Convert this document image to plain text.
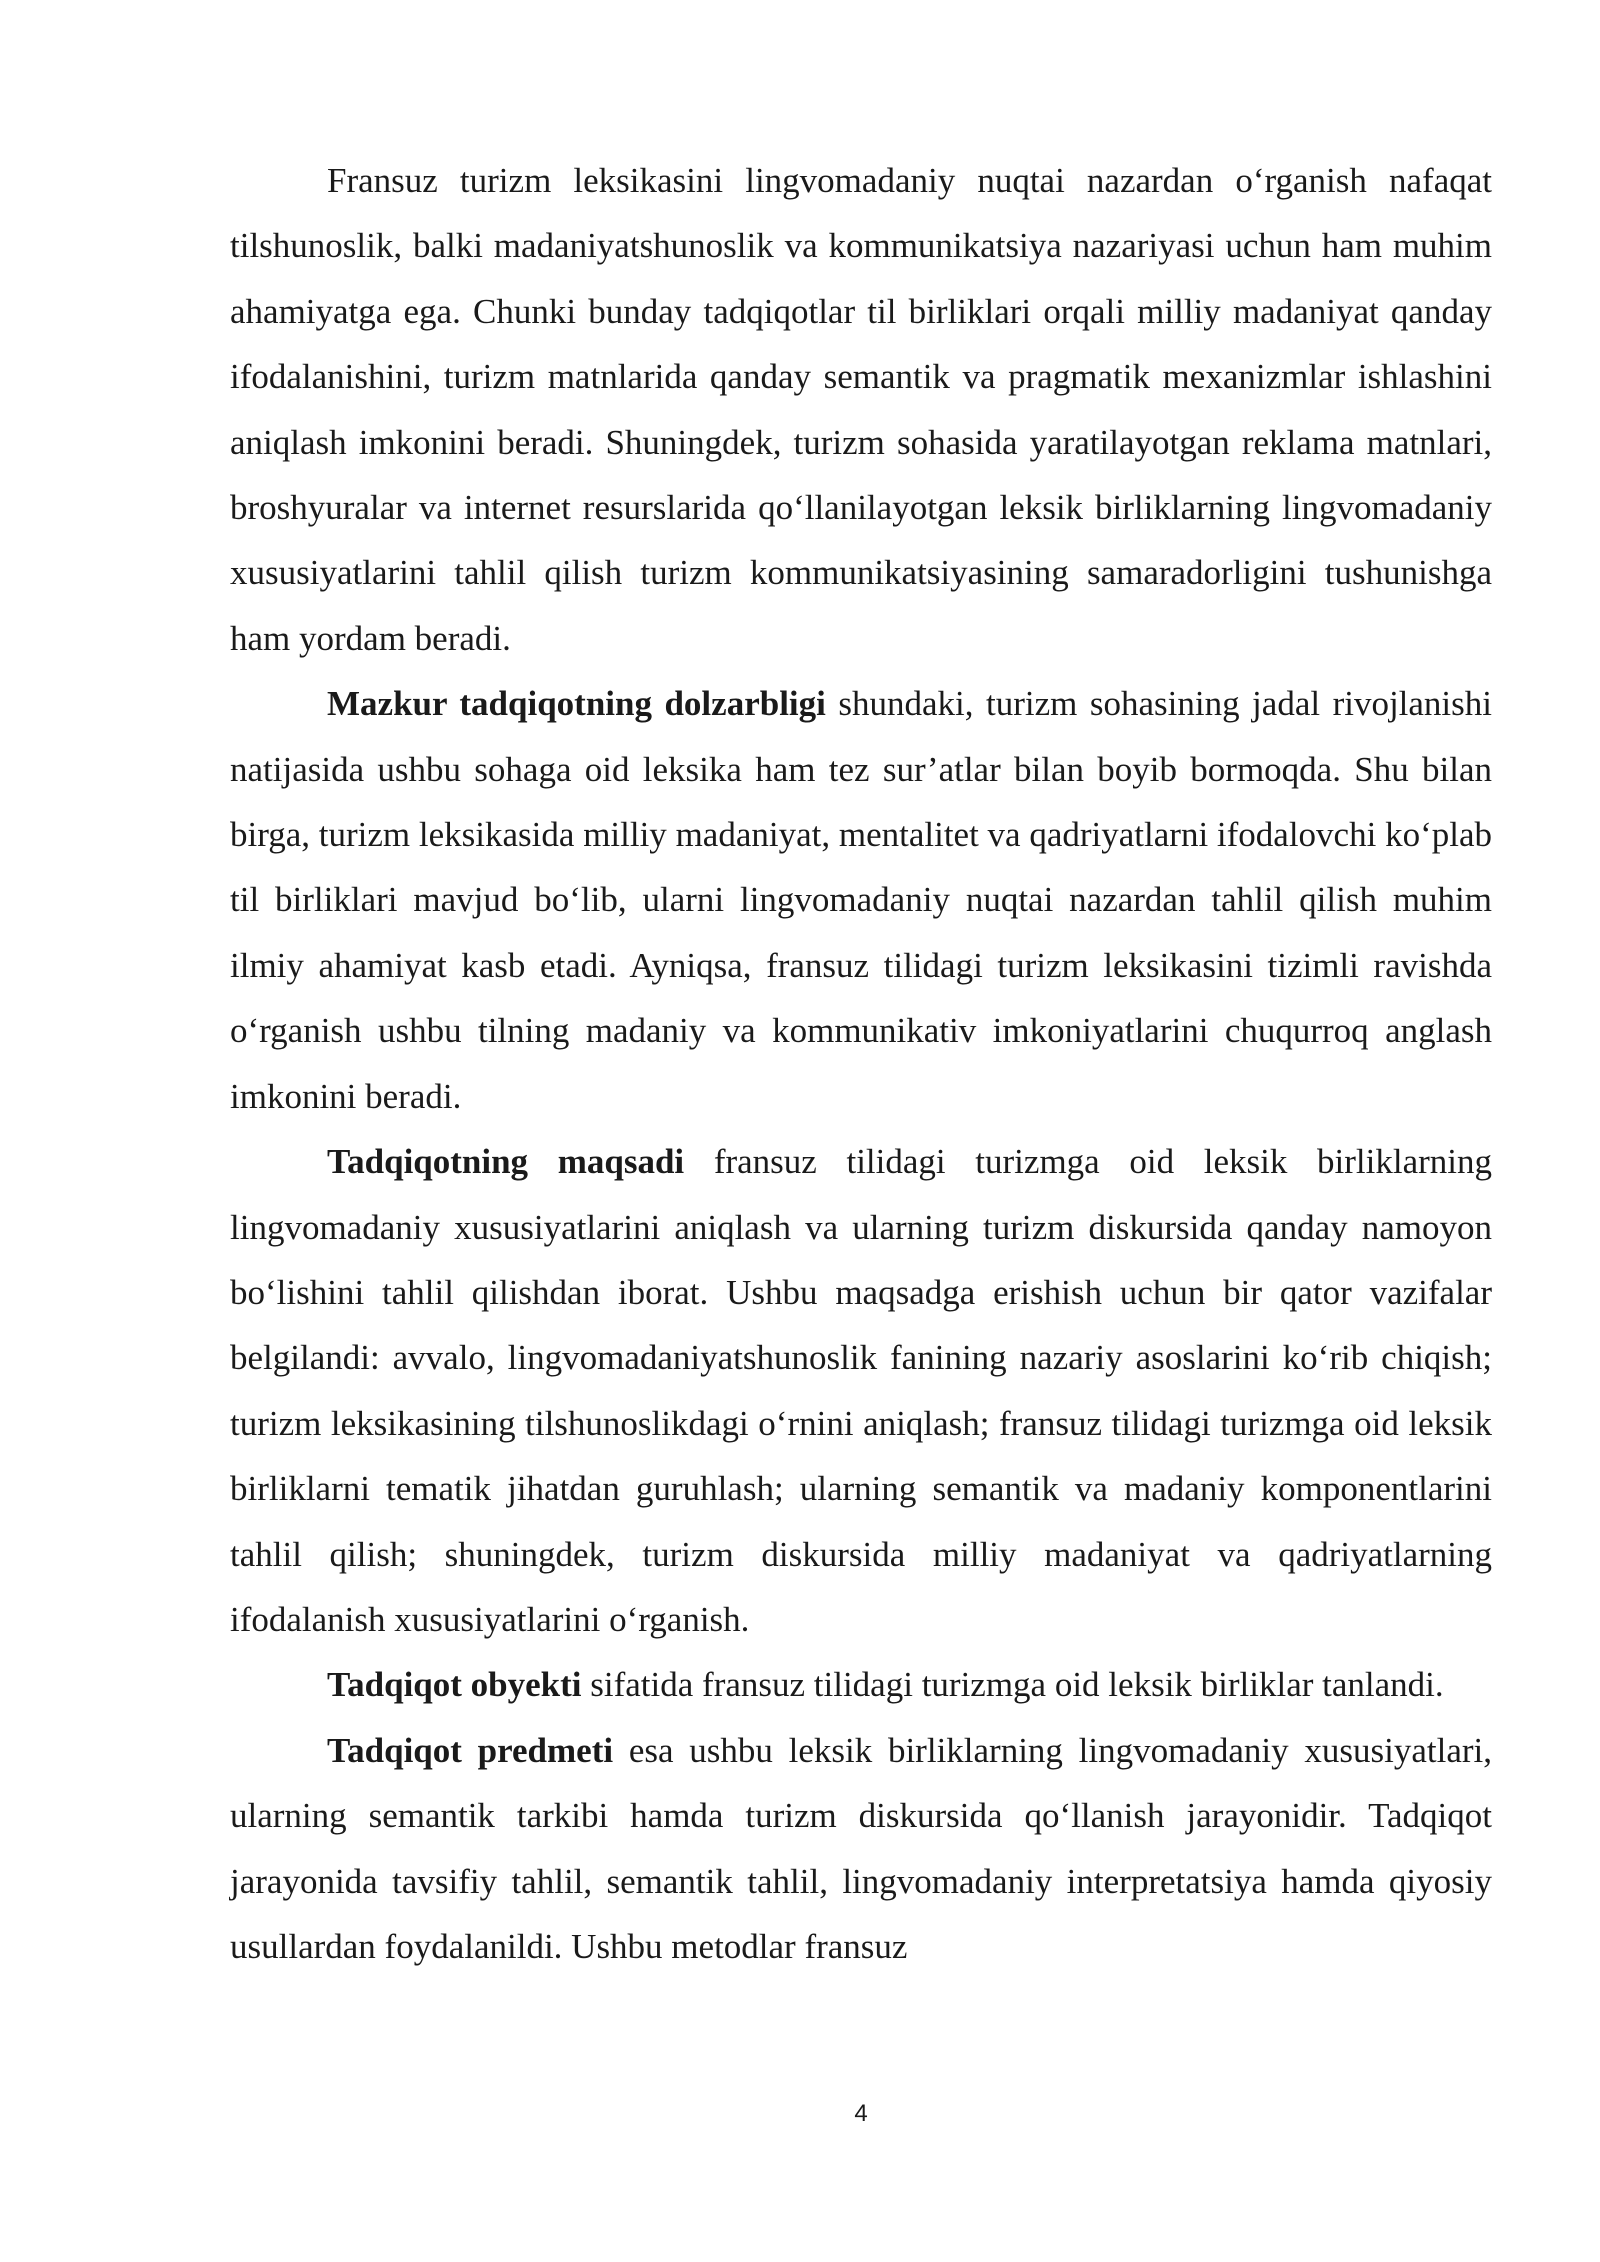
Fransuz turizm leksikasini lingvomadaniy nuqtai nazardan o‘rganish nafaqat tilshunoslik, balki madaniyatshunoslik va kommunikatsiya nazariyasi uchun ham muhim ahamiyatga ega. Chunki bunday tadqiqotlar til birliklari orqali milliy madaniyat qanday ifodalanishini, turizm matnlarida qanday semantik va pragmatik mexanizmlar ishlashini aniqlash imkonini beradi. Shuningdek, turizm sohasida yaratilayotgan reklama matnlari, broshyuralar va internet resurslarida qo‘llanilayotgan leksik birliklarning lingvomadaniy xususiyatlarini tahlil qilish turizm kommunikatsiyasining samaradorligini tushunishga ham yordam beradi.

Mazkur tadqiqotning dolzarbligi shundaki, turizm sohasining jadal rivojlanishi natijasida ushbu sohaga oid leksika ham tez sur’atlar bilan boyib bormoqda. Shu bilan birga, turizm leksikasida milliy madaniyat, mentalitet va qadriyatlarni ifodalovchi ko‘plab til birliklari mavjud bo‘lib, ularni lingvomadaniy nuqtai nazardan tahlil qilish muhim ilmiy ahamiyat kasb etadi. Ayniqsa, fransuz tilidagi turizm leksikasini tizimli ravishda o‘rganish ushbu tilning madaniy va kommunikativ imkoniyatlarini chuqurroq anglash imkonini beradi.

Tadqiqotning maqsadi fransuz tilidagi turizmga oid leksik birliklarning lingvomadaniy xususiyatlarini aniqlash va ularning turizm diskursida qanday namoyon bo‘lishini tahlil qilishdan iborat. Ushbu maqsadga erishish uchun bir qator vazifalar belgilandi: avvalo, lingvomadaniyatshunoslik fanining nazariy asoslarini ko‘rib chiqish; turizm leksikasining tilshunoslikdagi o‘rnini aniqlash; fransuz tilidagi turizmga oid leksik birliklarni tematik jihatdan guruhlash; ularning semantik va madaniy komponentlarini tahlil qilish; shuningdek, turizm diskursida milliy madaniyat va qadriyatlarning ifodalanish xususiyatlarini o‘rganish.

Tadqiqot obyekti sifatida fransuz tilidagi turizmga oid leksik birliklar tanlandi.

Tadqiqot predmeti esa ushbu leksik birliklarning lingvomadaniy xususiyatlari, ularning semantik tarkibi hamda turizm diskursida qo‘llanish jarayonidir. Tadqiqot jarayonida tavsifiy tahlil, semantik tahlil, lingvomadaniy interpretatsiya hamda qiyosiy usullardan foydalanildi. Ushbu metodlar fransuz

4
